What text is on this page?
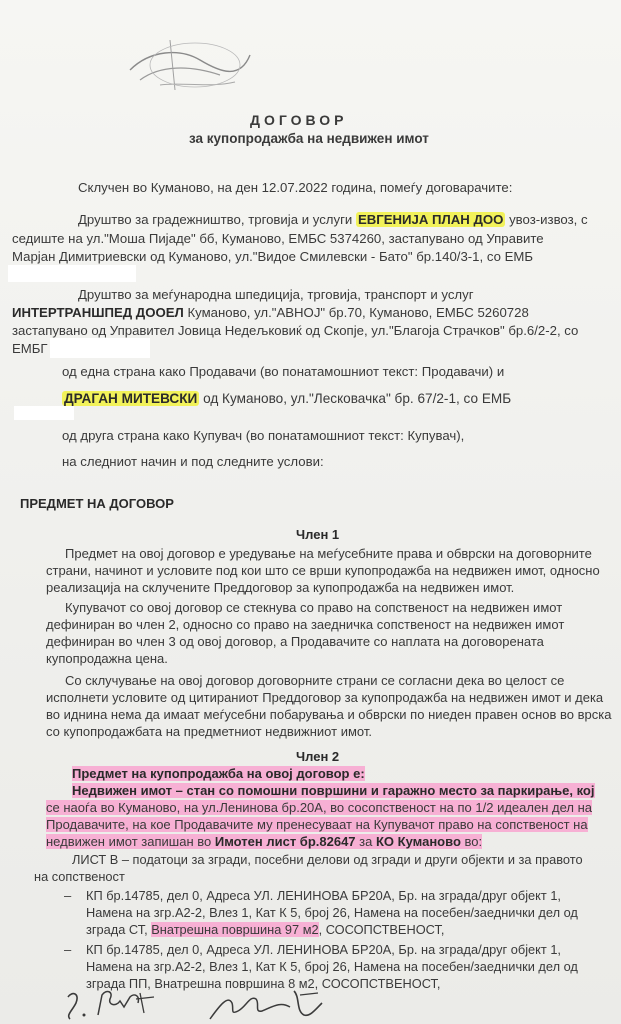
ДОГОВОР
за купопродажба на недвижен имот
Склучен во Куманово, на ден 12.07.2022 година, помеѓу договарачите:
Друштво за градежништво, трговија и услуги ЕВГЕНИЈА ПЛАН ДОО увоз-извоз, с
седиште на ул."Моша Пијаде" бб, Куманово, ЕМБС 5374260, застапувано од Управите
Марјан Димитриевски од Куманово, ул."Видое Смилевски - Бато" бр.140/3-1, со ЕМБ
Друштво за меѓународна шпедиција, трговија, транспорт и услуг
ИНТЕРТРАНШПЕД ДООЕЛ Куманово, ул."АВНОЈ" бр.70, Куманово, ЕМБС 5260728
застапувано од Управител Јовица Недељковиќ од Скопје, ул."Благоја Страчков" бр.6/2-2, со
ЕМБГ
од една страна како Продавачи (во понатамошниот текст: Продавачи) и
ДРАГАН МИТЕВСКИ од Куманово, ул."Лесковачка" бр. 67/2-1, со ЕМБ
од друга страна како Купувач (во понатамошниот текст: Купувач),
на следниот начин и под следните услови:
ПРЕДМЕТ НА ДОГОВОР
Член 1
Предмет на овој договор е уредување на меѓусебните права и обврски на договорните
страни, начинот и условите под кои што се врши купопродажба на недвижен имот, односно
реализација на склучените Преддоговор за купопродажба на недвижен имот.
Купувачот со овој договор се стекнува со право на сопственост на недвижен имот
дефиниран во член 2, односно со право на заедничка сопственост на недвижен имот
дефиниран во член 3 од овој договор, а Продавачите со наплата на договорената
купопродажна цена.
Со склучување на овој договор договорните страни се согласни дека во целост се
исполнети условите од цитираниот Преддоговор за купопродажба на недвижен имот и дека
во иднина нема да имаат меѓусебни побарувања и обврски по ниеден правен основ во врска
со купопродажбата на предметниот недвижниот имот.
Член 2
Предмет на купопродажба на овој договор е:
Недвижен имот – стан со помошни површини и гаражно место за паркирање, кој
се наоѓа во Куманово, на ул.Ленинова бр.20А, во сосопственост на по 1/2 идеален дел на
Продавачите, на кое Продавачите му пренесуваат на Купувачот право на сопственост на
недвижен имот запишан во Имотен лист бр.82647 за КО Куманово во:
ЛИСТ В – податоци за згради, посебни делови од згради и други објекти и за правото
на сопственост
– КП бр.14785, дел 0, Адреса УЛ. ЛЕНИНОВА БР20А, Бр. на зграда/друг објект 1,
Намена на згр.А2-2, Влез 1, Кат К 5, број 26, Намена на посебен/заеднички дел од
зграда СТ, Внатрешна површина 97 м2, СОСОПСТВЕНОСТ,
– КП бр.14785, дел 0, Адреса УЛ. ЛЕНИНОВА БР20А, Бр. на зграда/друг објект 1,
Намена на згр.А2-2, Влез 1, Кат К 5, број 26, Намена на посебен/заеднички дел од
зграда ПП, Внатрешна површина 8 м2, СОСОПСТВЕНОСТ,
